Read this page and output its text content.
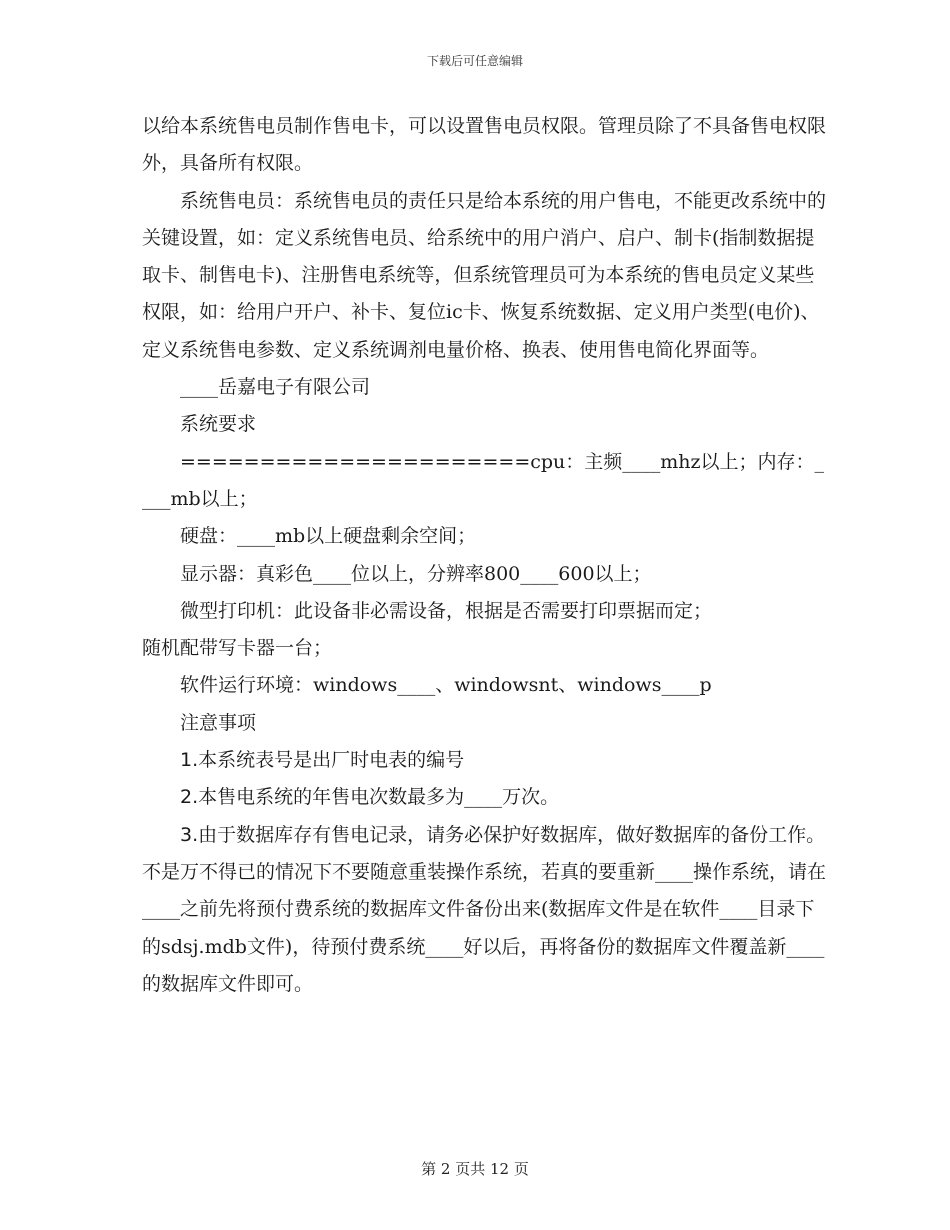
下载后可任意编辑

以给本系统售电员制作售电卡，可以设置售电员权限。管理员除了不具备售电权限外，具备所有权限。

系统售电员：系统售电员的责任只是给本系统的用户售电，不能更改系统中的关键设置，如：定义系统售电员、给系统中的用户消户、启户、制卡(指制数据提取卡、制售电卡)、注册售电系统等，但系统管理员可为本系统的售电员定义某些权限，如：给用户开户、补卡、复位ic卡、恢复系统数据、定义用户类型(电价)、定义系统售电参数、定义系统调剂电量价格、换表、使用售电简化界面等。

____岳嘉电子有限公司

系统要求

======================cpu：主频____mhz以上；内存：____mb以上；

硬盘：____mb以上硬盘剩余空间；

显示器：真彩色____位以上，分辨率800____600以上；

微型打印机：此设备非必需设备，根据是否需要打印票据而定；

随机配带写卡器一台；

软件运行环境：windows____、windowsnt、windows____p

注意事项

1.本系统表号是出厂时电表的编号

2.本售电系统的年售电次数最多为____万次。

3.由于数据库存有售电记录，请务必保护好数据库，做好数据库的备份工作。不是万不得已的情况下不要随意重装操作系统，若真的要重新____操作系统，请在____之前先将预付费系统的数据库文件备份出来(数据库文件是在软件____目录下的sdsj.mdb文件)，待预付费系统____好以后，再将备份的数据库文件覆盖新____的数据库文件即可。

第 2 页共 12 页
